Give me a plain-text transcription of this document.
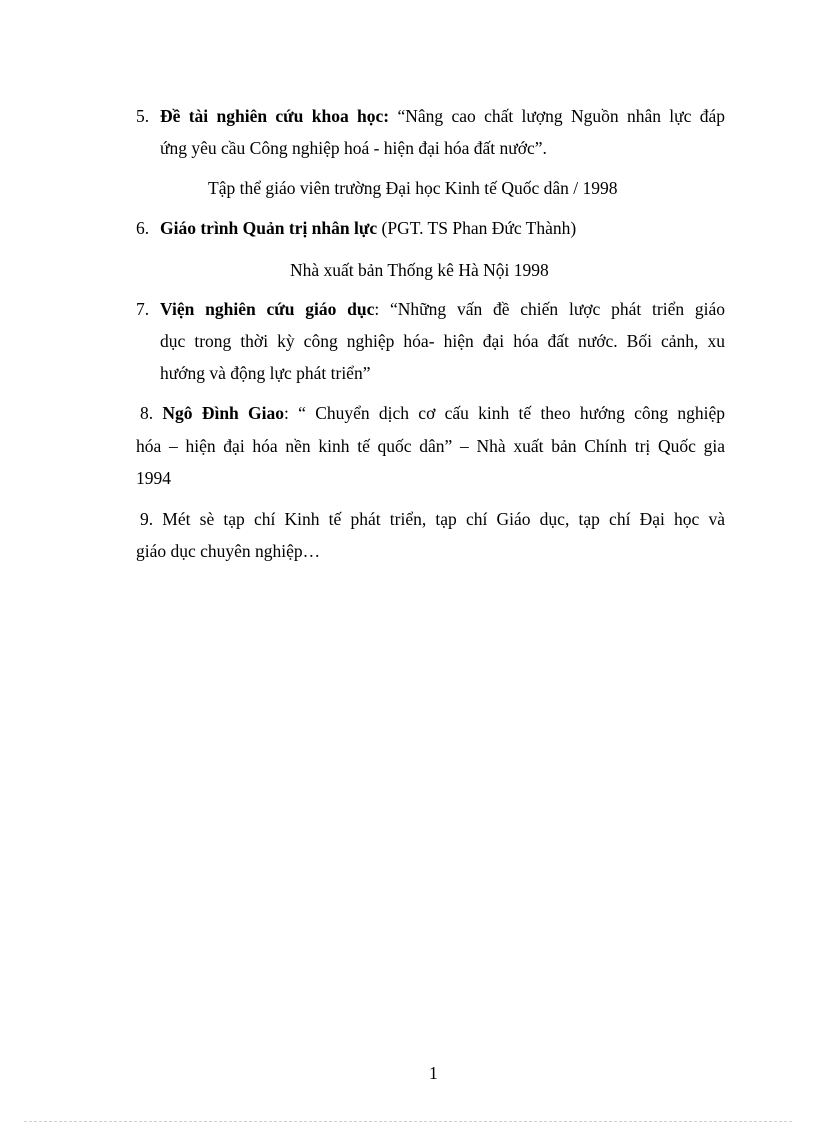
5. Đề tài nghiên cứu khoa học: “Nâng cao chất lượng Nguồn nhân lực đáp
ứng yêu cầu Công nghiệp hoá - hiện đại hóa đất nước”.
Tập thể giáo viên trường Đại học Kinh tế Quốc dân / 1998
6. Giáo trình Quản trị nhân lực (PGT. TS Phan Đức Thành)
Nhà xuất bản Thống kê Hà Nội 1998
7. Viện nghiên cứu giáo dục: “Những vấn đề chiến lược phát triển giáo
dục trong thời kỳ công nghiệp hóa- hiện đại hóa đất nước. Bối cảnh, xu
hướng và động lực phát triển”
8. Ngô Đình Giao: “ Chuyển dịch cơ cấu kinh tế theo hướng công nghiệp
hóa – hiện đại hóa nền kinh tế quốc dân” – Nhà xuất bản Chính trị Quốc gia
1994
9. Mét sè tạp chí Kinh tế phát triển, tạp chí Giáo dục, tạp chí Đại học và
giáo dục chuyên nghiệp…
1
